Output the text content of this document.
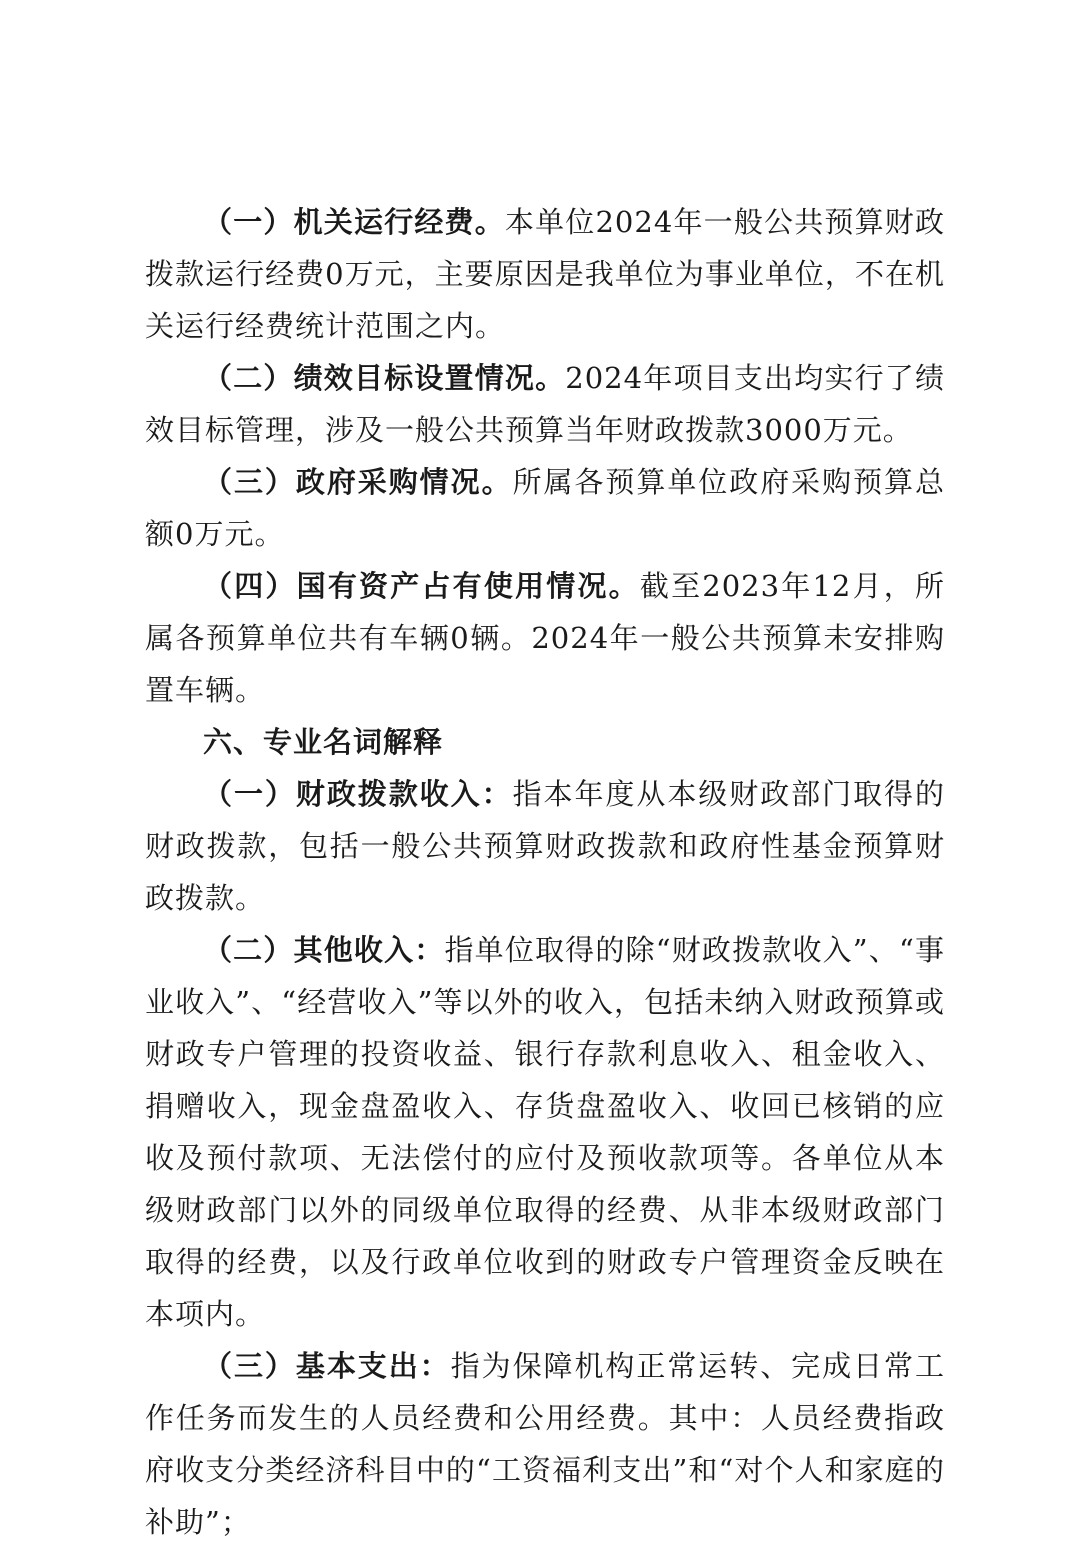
（一）机关运行经费。本单位2024年一般公共预算财政拨款运行经费0万元，主要原因是我单位为事业单位，不在机关运行经费统计范围之内。

（二）绩效目标设置情况。2024年项目支出均实行了绩效目标管理，涉及一般公共预算当年财政拨款3000万元。

（三）政府采购情况。所属各预算单位政府采购预算总额0万元。

（四）国有资产占有使用情况。截至2023年12月，所属各预算单位共有车辆0辆。2024年一般公共预算未安排购置车辆。

六、专业名词解释

（一）财政拨款收入：指本年度从本级财政部门取得的财政拨款，包括一般公共预算财政拨款和政府性基金预算财政拨款。

（二）其他收入：指单位取得的除“财政拨款收入”、“事业收入”、“经营收入”等以外的收入，包括未纳入财政预算或财政专户管理的投资收益、银行存款利息收入、租金收入、捐赠收入，现金盘盈收入、存货盘盈收入、收回已核销的应收及预付款项、无法偿付的应付及预收款项等。各单位从本级财政部门以外的同级单位取得的经费、从非本级财政部门取得的经费，以及行政单位收到的财政专户管理资金反映在本项内。

（三）基本支出：指为保障机构正常运转、完成日常工作任务而发生的人员经费和公用经费。其中：人员经费指政府收支分类经济科目中的“工资福利支出”和“对个人和家庭的补助”；
